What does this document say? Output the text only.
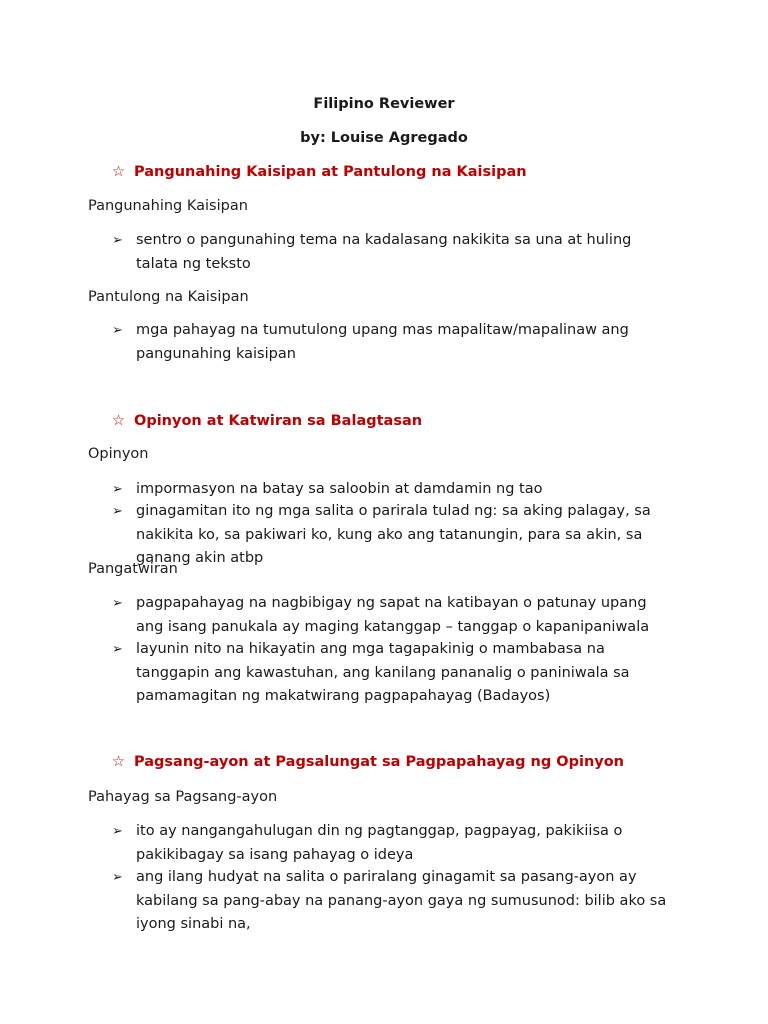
Filipino Reviewer
by: Louise Agregado
☆ Pangunahing Kaisipan at Pantulong na Kaisipan
Pangunahing Kaisipan
➢ sentro o pangunahing tema na kadalasang nakikita sa una at huling talata ng teksto
Pantulong na Kaisipan
➢ mga pahayag na tumutulong upang mas mapalitaw/mapalinaw ang pangunahing kaisipan
☆ Opinyon at Katwiran sa Balagtasan
Opinyon
➢ impormasyon na batay sa saloobin at damdamin ng tao
➢ ginagamitan ito ng mga salita o parirala tulad ng: sa aking palagay, sa nakikita ko, sa pakiwari ko, kung ako ang tatanungin, para sa akin, sa ganang akin atbp
Pangatwiran
➢ pagpapahayag na nagbibigay ng sapat na katibayan o patunay upang ang isang panukala ay maging katanggap – tanggap o kapanipaniwala
➢ layunin nito na hikayatin ang mga tagapakinig o mambabasa na tanggapin ang kawastuhan, ang kanilang pananalig o paniniwala sa pamamagitan ng makatwirang pagpapahayag (Badayos)
☆ Pagsang-ayon at Pagsalungat sa Pagpapahayag ng Opinyon
Pahayag sa Pagsang-ayon
➢ ito ay nangangahulugan din ng pagtanggap, pagpayag, pakikiisa o pakikibagay sa isang pahayag o ideya
➢ ang ilang hudyat na salita o pariralang ginagamit sa pasang-ayon ay kabilang sa pang-abay na panang-ayon gaya ng sumusunod: bilib ako sa iyong sinabi na,
